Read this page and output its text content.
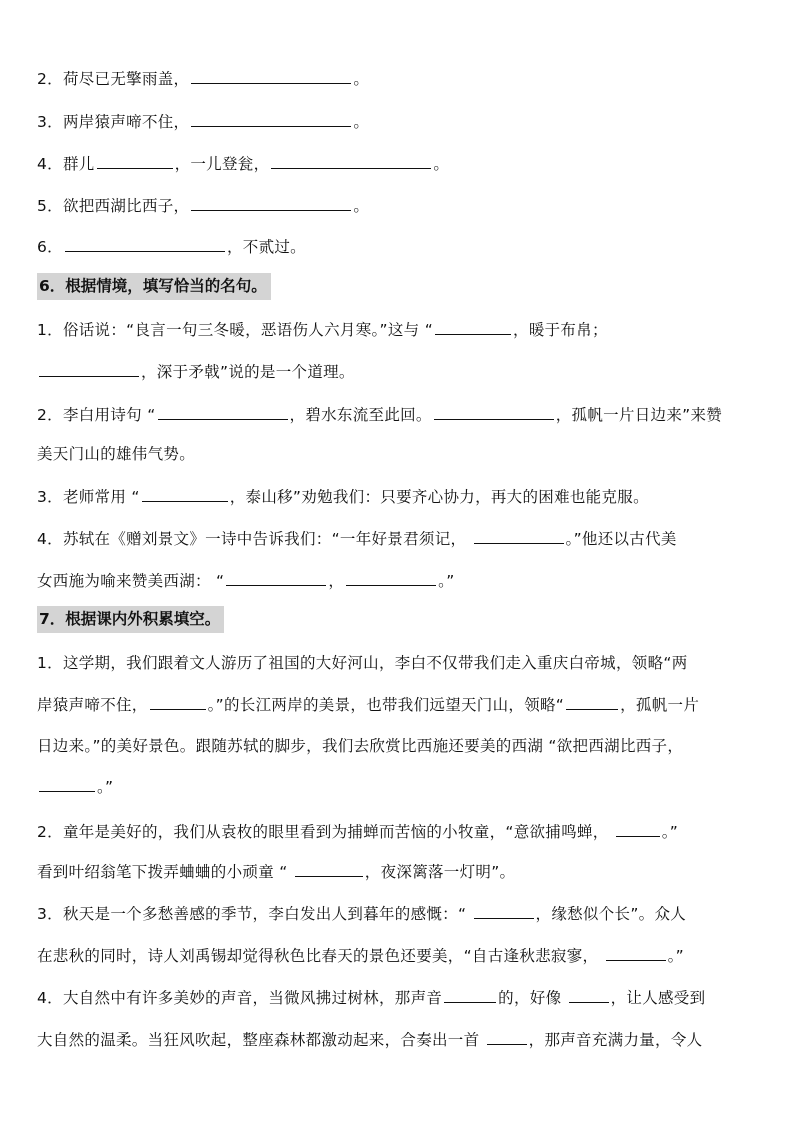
2．荷尽已无擎雨盖，	。
3．两岸猿声啼不住，	。
4．群儿	，一儿登瓮，	。
5．欲把西湖比西子，	。
6．	，不贰过。
6．根据情境，填写恰当的名句。
1．俗话说：“良言一句三冬暖，恶语伤人六月寒。”这与 “	，暖于布帛；
，深于矛戟”说的是一个道理。
2．李白用诗句 “	，碧水东流至此回。	，孤帆一片日边来”来赞
美天门山的雄伟气势。
3．老师常用 “	，泰山移”劝勉我们：只要齐心协力，再大的困难也能克服。
4．苏轼在《赠刘景文》一诗中告诉我们：“一年好景君须记，	。”他还以古代美
女西施为喻来赞美西湖： “	，	。”
7．根据课内外积累填空。
1．这学期，我们跟着文人游历了祖国的大好河山，李白不仅带我们走入重庆白帝城，领略“两
岸猿声啼不住，	。”的长江两岸的美景，也带我们远望天门山，领略“	，孤帆一片
日边来。”的美好景色。跟随苏轼的脚步，我们去欣赏比西施还要美的西湖 “欲把西湖比西子，
。”
2．童年是美好的，我们从袁枚的眼里看到为捕蝉而苦恼的小牧童，“意欲捕鸣蝉，	。”
看到叶绍翁笔下拨弄蛐蛐的小顽童 “	，夜深篱落一灯明”。
3．秋天是一个多愁善感的季节，李白发出人到暮年的感慨：“	，缘愁似个长”。众人
在悲秋的同时，诗人刘禹锡却觉得秋色比春天的景色还要美，“自古逢秋悲寂寥，	。”
4．大自然中有许多美妙的声音，当微风拂过树林，那声音	的，好像	，让人感受到
大自然的温柔。当狂风吹起，整座森林都激动起来，合奏出一首	，那声音充满力量，令人
